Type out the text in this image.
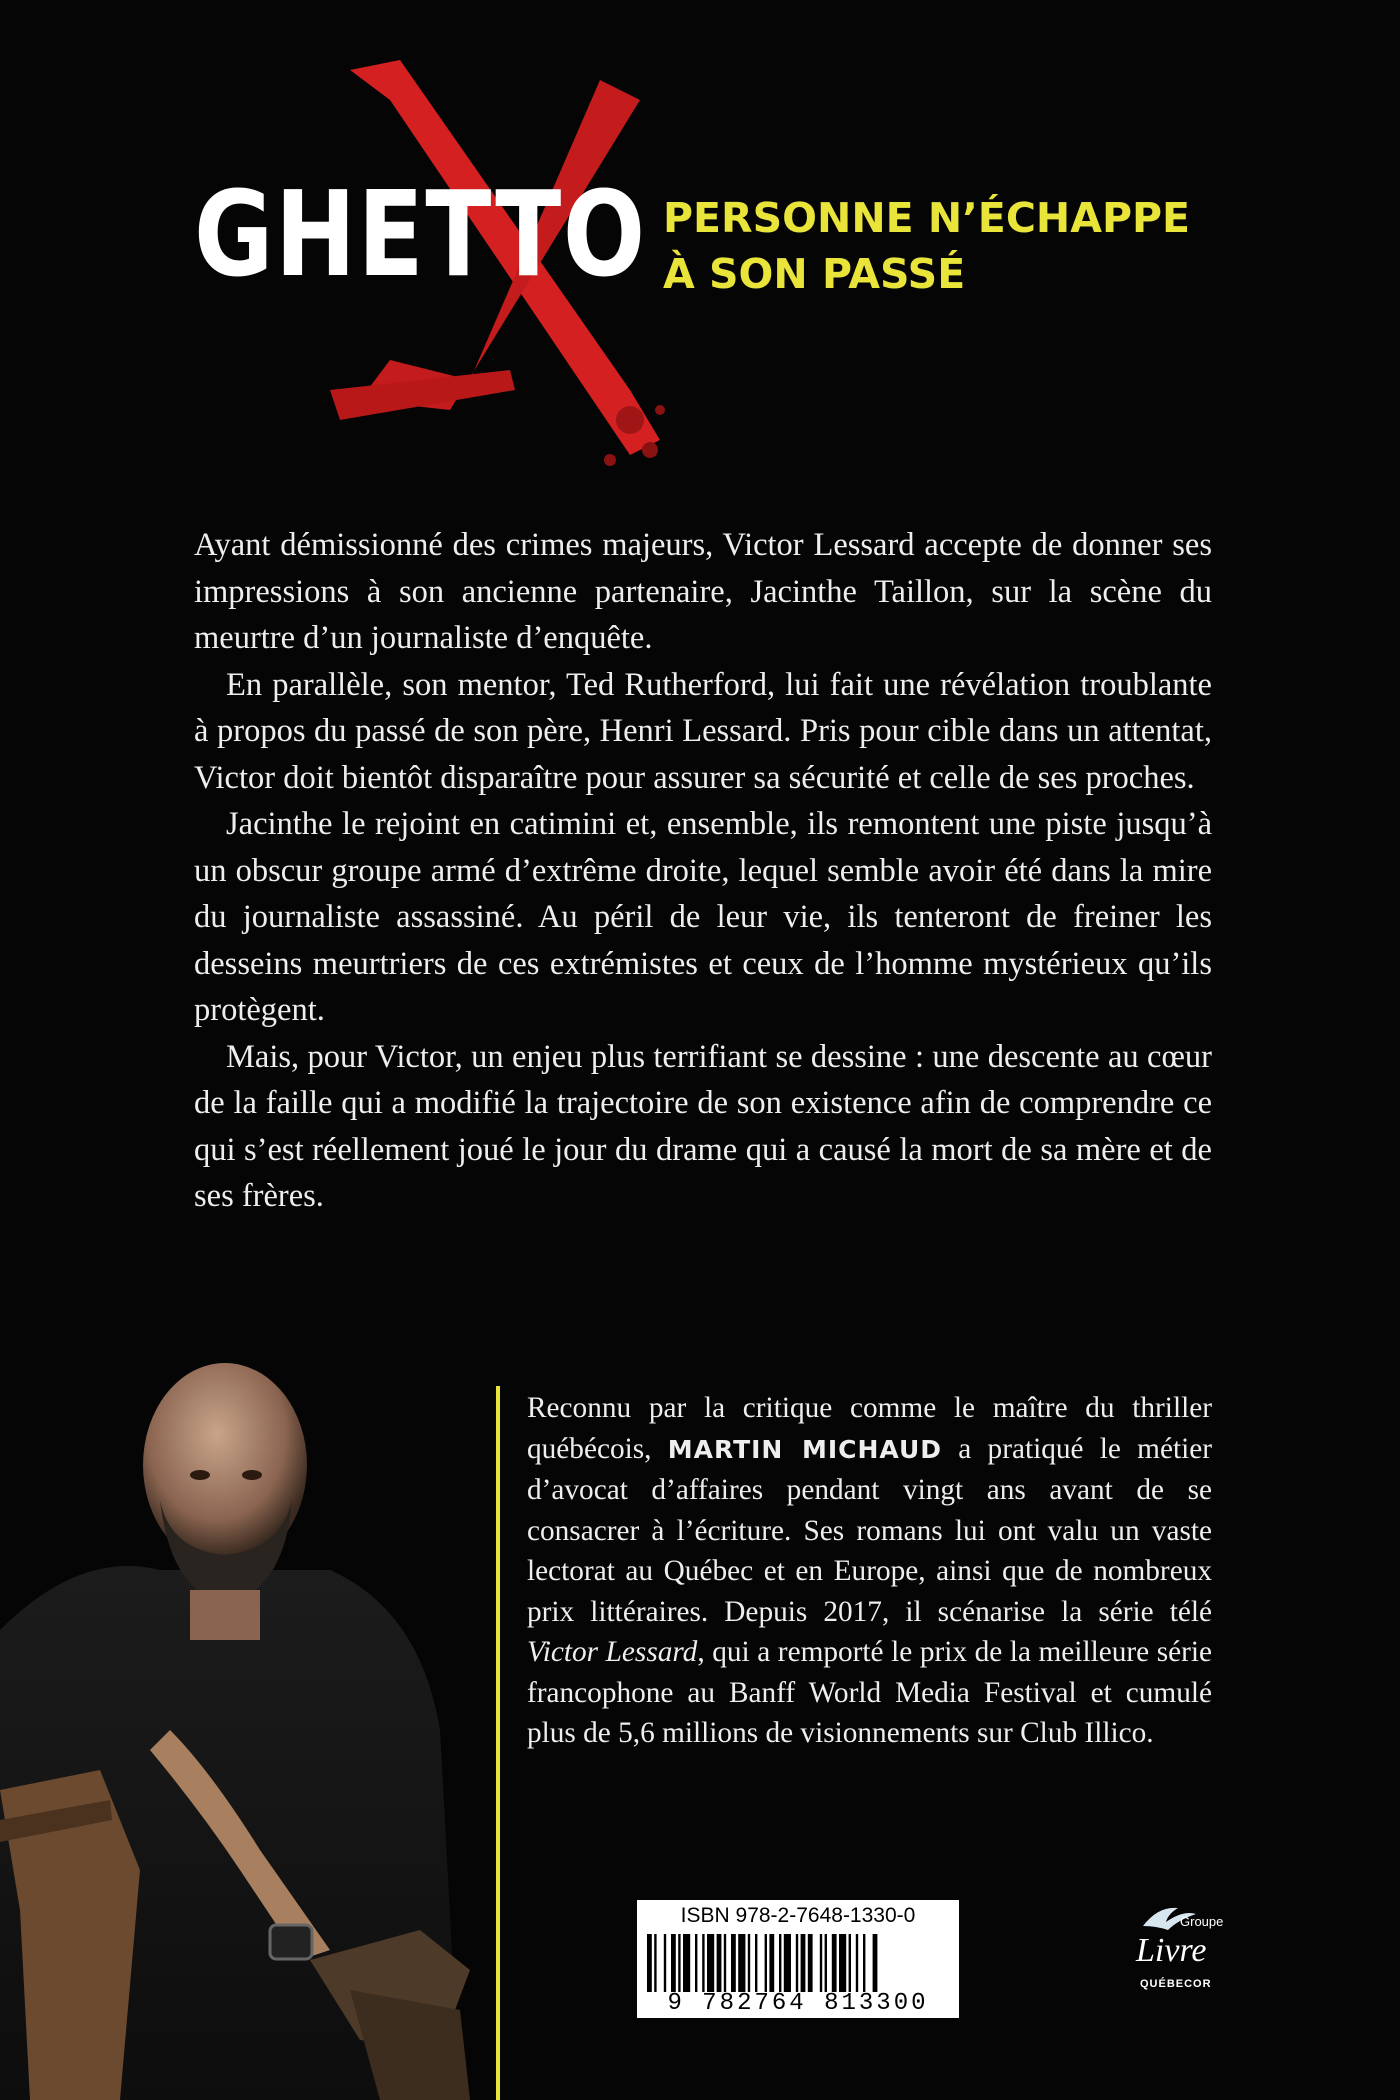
GHETTO PERSONNE N’ÉCHAPPE
À SON PASSÉ

Ayant démissionné des crimes majeurs, Victor Lessard accepte de donner ses impressions à son ancienne partenaire, Jacinthe Taillon, sur la scène du meurtre d’un journaliste d’enquête.

En parallèle, son mentor, Ted Rutherford, lui fait une révélation troublante à propos du passé de son père, Henri Lessard. Pris pour cible dans un attentat, Victor doit bientôt disparaître pour assurer sa sécurité et celle de ses proches.

Jacinthe le rejoint en catimini et, ensemble, ils remontent une piste jusqu’à un obscur groupe armé d’extrême droite, lequel semble avoir été dans la mire du journaliste assassiné. Au péril de leur vie, ils tenteront de freiner les desseins meurtriers de ces extrémistes et ceux de l’homme mystérieux qu’ils protègent.

Mais, pour Victor, un enjeu plus terrifiant se dessine : une descente au cœur de la faille qui a modifié la trajectoire de son existence afin de comprendre ce qui s’est réellement joué le jour du drame qui a causé la mort de sa mère et de ses frères.

Reconnu par la critique comme le maître du thriller québécois, MARTIN MICHAUD a pratiqué le métier d’avocat d’affaires pendant vingt ans avant de se consacrer à l’écriture. Ses romans lui ont valu un vaste lectorat au Québec et en Europe, ainsi que de nombreux prix littéraires. Depuis 2017, il scénarise la série télé Victor Lessard, qui a remporté le prix de la meilleure série francophone au Banff World Media Festival et cumulé plus de 5,6 millions de visionnements sur Club Illico.
ISBN 978-2-7648-1330-0
9 782764 813300
Groupe
Livre
QUÉBECOR
